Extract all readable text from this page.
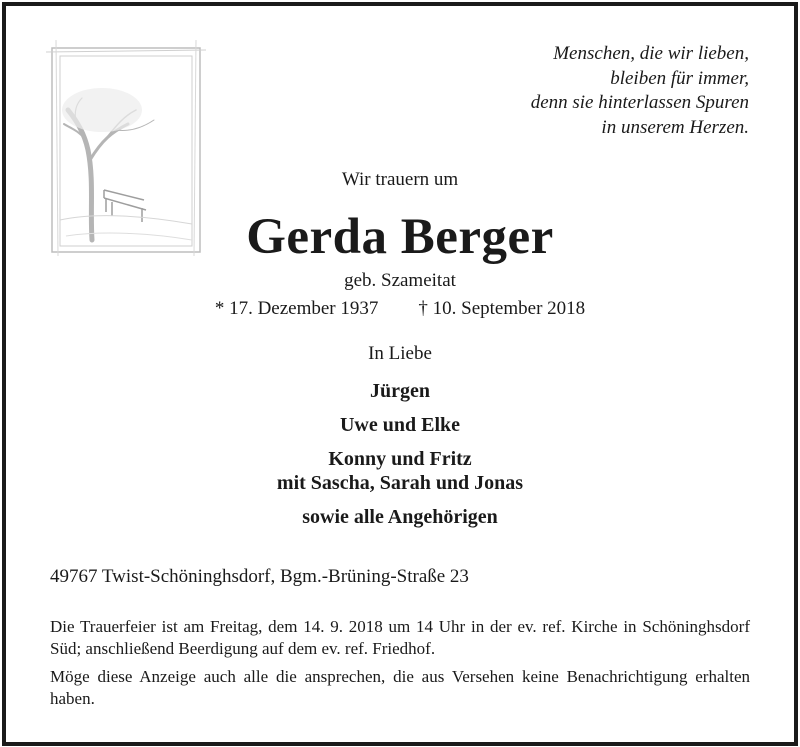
Menschen, die wir lieben,
bleiben für immer,
denn sie hinterlassen Spuren
in unserem Herzen.
Wir trauern um
Gerda Berger
geb. Szameitat
* 17. Dezember 1937 † 10. September 2018
In Liebe
Jürgen
Uwe und Elke
Konny und Fritz
mit Sascha, Sarah und Jonas
sowie alle Angehörigen
49767 Twist-Schöninghsdorf, Bgm.-Brüning-Straße 23
Die Trauerfeier ist am Freitag, dem 14. 9. 2018 um 14 Uhr in der ev. ref. Kirche in Schöninghsdorf Süd; anschließend Beerdigung auf dem ev. ref. Friedhof.
Möge diese Anzeige auch alle die ansprechen, die aus Versehen keine Benachrichtigung erhalten haben.
